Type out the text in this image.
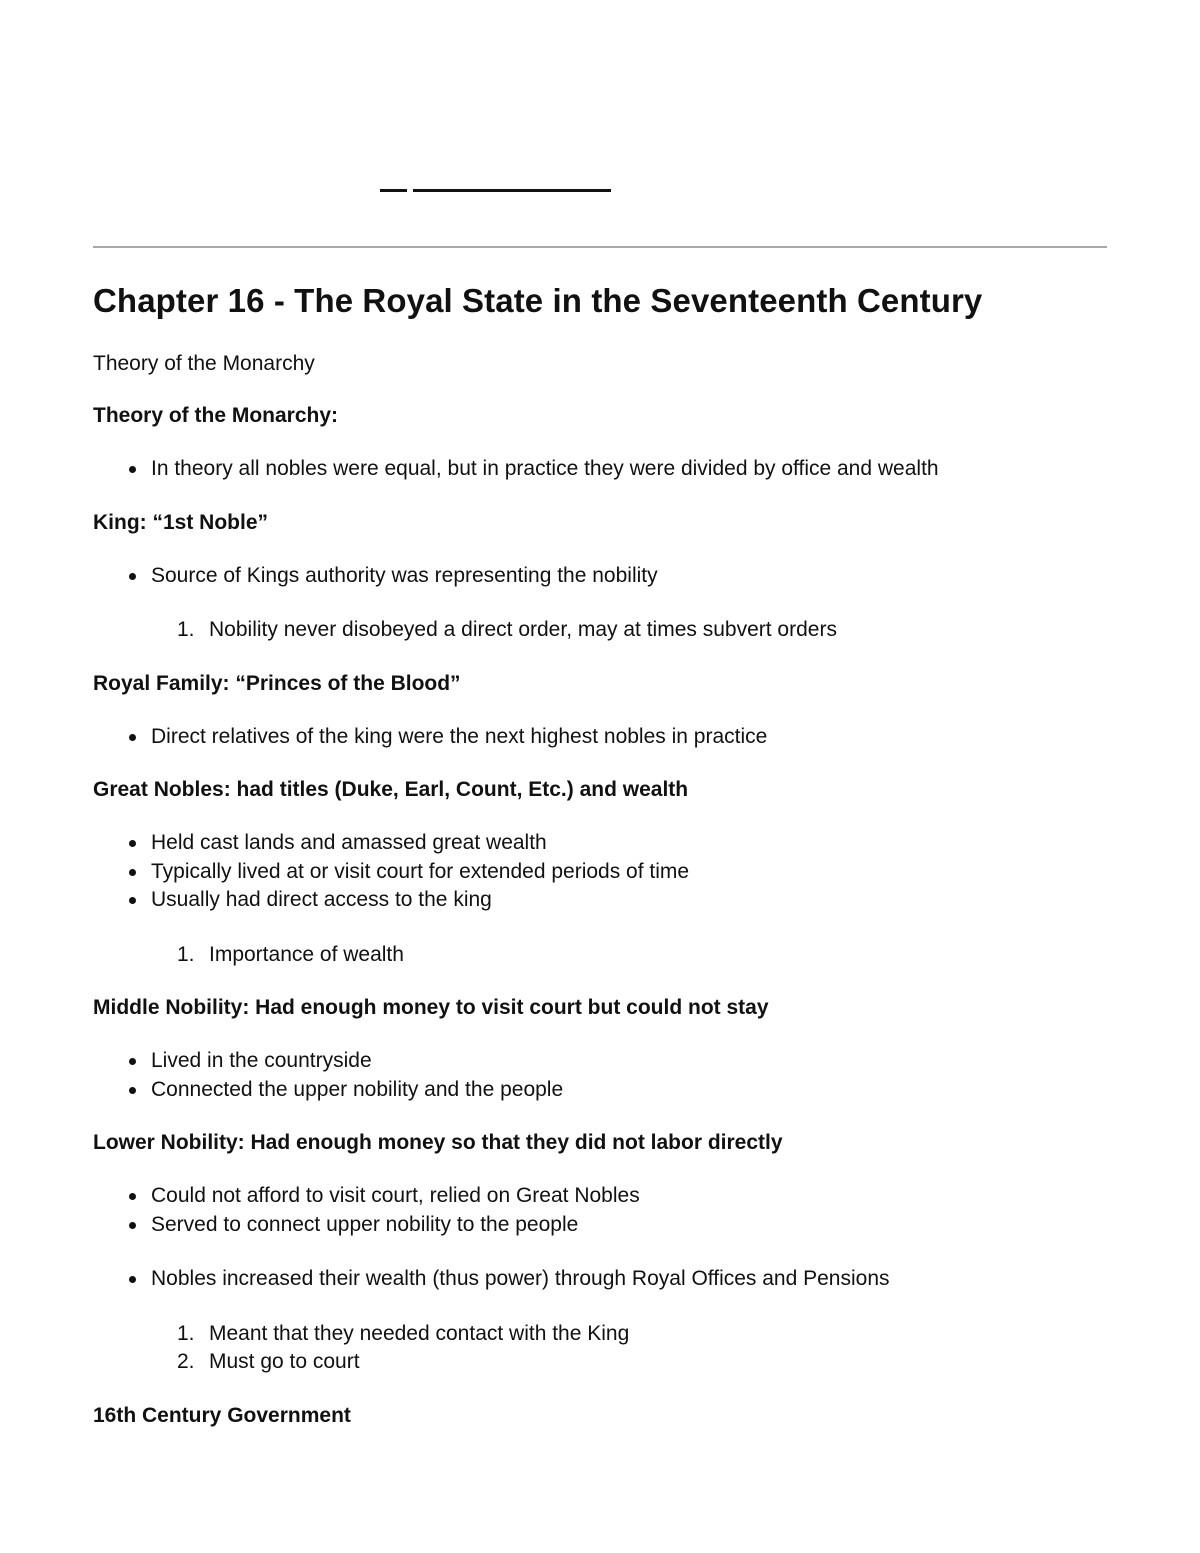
Chapter 16 - The Royal State in the Seventeenth Century

Theory of the Monarchy

Theory of the Monarchy:

In theory all nobles were equal, but in practice they were divided by office and wealth

King: “1st Noble”

Source of Kings authority was representing the nobility
1. Nobility never disobeyed a direct order, may at times subvert orders

Royal Family: “Princes of the Blood”

Direct relatives of the king were the next highest nobles in practice

Great Nobles: had titles (Duke, Earl, Count, Etc.) and wealth

Held cast lands and amassed great wealth
Typically lived at or visit court for extended periods of time
Usually had direct access to the king
1. Importance of wealth

Middle Nobility: Had enough money to visit court but could not stay

Lived in the countryside
Connected the upper nobility and the people

Lower Nobility: Had enough money so that they did not labor directly

Could not afford to visit court, relied on Great Nobles
Served to connect upper nobility to the people
Nobles increased their wealth (thus power) through Royal Offices and Pensions
1. Meant that they needed contact with the King
2. Must go to court

16th Century Government
